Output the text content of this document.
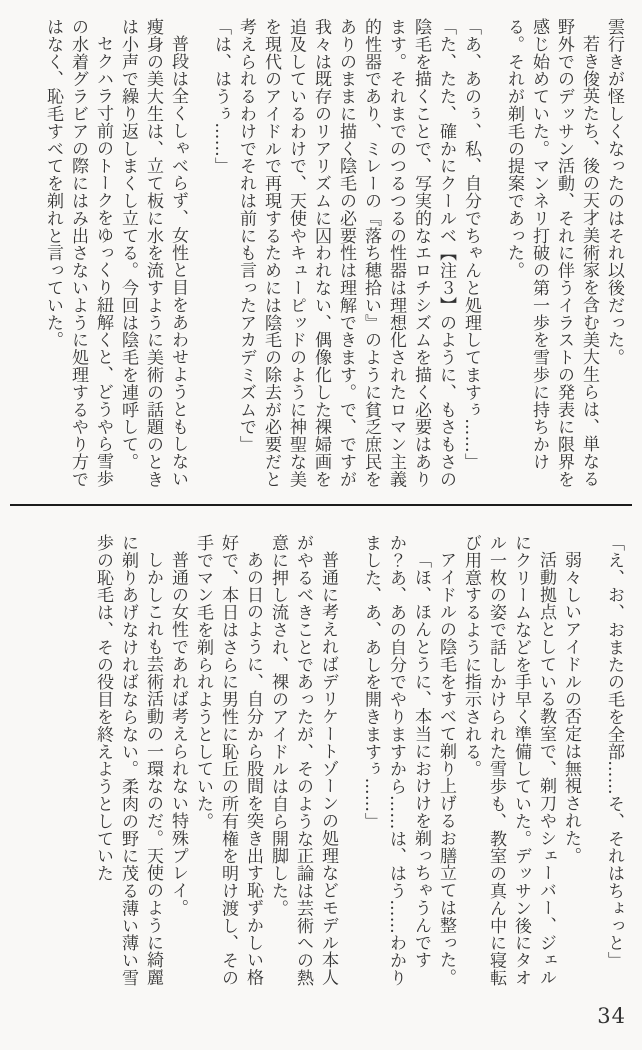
雲行きが怪しくなったのはそれ以後だった。

若き俊英たち、後の天才美術家を含む美大生らは、単なる野外でのデッサン活動、それに伴うイラストの発表に限界を感じ始めていた。マンネリ打破の第一歩を雪歩に持ちかける。それが剃毛の提案であった。

「あ、あのぅ、私、自分でちゃんと処理してますぅ……」

「た、たた、確かにクールベ【注３】のように、もさもさの陰毛を描くことで、写実的なエロチシズムを描く必要はあります。それまでのつるつるの性器は理想化されたロマン主義的性器であり、ミレーの『落ち穂拾い』のように貧乏庶民をありのままに描く陰毛の必要性は理解できます。で、ですが我々は既存のリアリズムに囚われない、偶像化した裸婦画を追及しているわけで、天使やキューピッドのように神聖な美を現代のアイドルで再現するためには陰毛の除去が必要だと考えられるわけでそれは前にも言ったアカデミズムで」

「は、はうぅ……」

普段は全くしゃべらず、女性と目をあわせようともしない痩身の美大生は、立て板に水を流すように美術の話題のときは小声で繰り返しまくし立てる。今回は陰毛を連呼して。

セクハラ寸前のトークをゆっくり紐解くと、どうやら雪歩の水着グラビアの際にはみ出さないように処理するやり方ではなく、恥毛すべてを剃れと言っていた。

「え、お、おまたの毛を全部……そ、それはちょっと」

弱々しいアイドルの否定は無視された。

活動拠点としている教室で、剃刀やシェーバー、ジェルにクリームなどを手早く準備していた。デッサン後にタオル一枚の姿で話しかけられた雪歩も、教室の真ん中に寝転び用意するように指示される。

アイドルの陰毛をすべて剃り上げるお膳立ては整った。

「ほ、ほんとうに、本当におけけを剃っちゃうんですか？あ、あの自分でやりますから……は、はう……わかりました、あ、あしを開きますぅ……」

普通に考えればデリケートゾーンの処理などモデル本人がやるべきことであったが、そのような正論は芸術への熱意に押し流され、裸のアイドルは自ら開脚した。

あの日のように、自分から股間を突き出す恥ずかしい格好で、本日はさらに男性に恥丘の所有権を明け渡し、その手でマン毛を剃られようとしていた。

普通の女性であれば考えられない特殊プレイ。

しかしこれも芸術活動の一環なのだ。天使のように綺麗に剃りあげなければならない。柔肉の野に茂る薄い薄い雪歩の恥毛は、その役目を終えようとしていた

34
